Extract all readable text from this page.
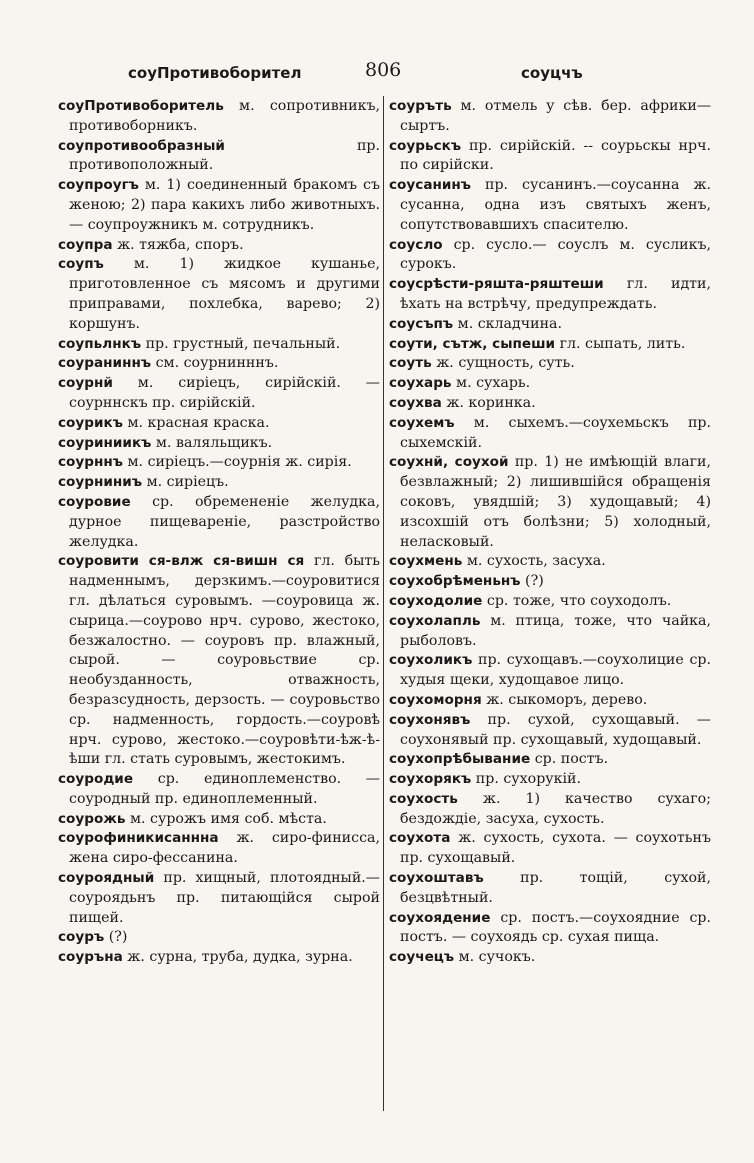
соуПротивоборител	806	соуцчъ

соуПротивоборитель м. сопротивникъ, противоборникъ.

соупротивообразный	пр. противоположный.

соупроугъ м. 1) соединенный бракомъ съ женою; 2) пара какихъ либо животныхъ. — соупроужникъ м. сотрудникъ.

соупра ж. тяжба, споръ.

соупъ м. 1) жидкое кушанье, приготовленное съ мясомъ и другими приправами, похлебка, варево; 2) коршунъ.

соупьлнкъ пр. грустный, печальный.

соураниннъ см. соурнинннъ.

соурнй м. сиріецъ, сирійскій. — соурннскъ пр. сирійскій.

соурикъ м. красная краска.

соуриниикъ м. валяльщикъ.

соурннъ м. сиріецъ.—соурнія ж. сирія.

соурниниъ м. сиріецъ.

соуровие ср. обремененіе желудка, дурное пищевареніе, разстройство желудка.

соуровити ся-влж ся-вишн ся гл. быть надменнымъ, дерзкимъ.—соуровитися гл. дѣлаться суровымъ. —соуровица ж. сырица.—соурово нрч. сурово, жестоко, безжалостно. — соуровъ пр. влажный, сырой. — соуровьствие ср. необузданность, отважность, безразсудность, дерзость. — соуровьство ср. надменность, гордость.—соуровѣ нрч. сурово, жестоко.—соуровѣти-ѣж-ѣ-ѣши гл. стать суровымъ, жестокимъ.

соуродие ср. единоплеменство. — соуродный пр. единоплеменный.

соурожь м. сурожъ имя соб. мѣста.

соурофиникисаннна ж. сиро-финисса, жена сиро-фессанина.

соуроядный пр. хищный, плотоядный.—соуроядьнъ пр. питающійся сырой пищей.

соуръ (?)

соуръна ж. сурна, труба, дудка, зурна.

соуръть м. отмель у сѣв. бер. африки—сыртъ.

соурьскъ пр. сирійскій. -- соурьскы нрч. по сирійски.

соусанинъ пр. сусанинъ.—соусанна ж. сусанна, одна изъ святыхъ женъ, сопутствовавшихъ спасителю.

соусло ср. сусло.— соуслъ м. сусликъ, сурокъ.

соусрѣсти-ряшта-ряштеши гл. идти, ѣхать на встрѣчу, предупреждать.

соусъпъ м. складчина.

соути, сътж, сыпеши гл. сыпать, лить.

соуть ж. сущность, суть.

соухарь м. сухарь.

соухва ж. коринка.

соухемъ м. сыхемъ.—соухемьскъ пр. сыхемскій.

соухнй, соухой пр. 1) не имѣющій влаги, безвлажный; 2) лишившійся обращенія соковъ, увядшій; 3) худощавый; 4) изсохшій отъ болѣзни; 5) холодный, неласковый.

соухмень м. сухость, засуха.

соухобрѣменьнъ (?)

соуходолие ср. тоже, что соуходолъ.

соухолапль м. птица, тоже, что чайка, рыболовъ.

соухоликъ пр. сухощавъ.—соухолицие ср. худыя щеки, худощавое лицо.

соухоморня ж. сыкоморъ, дерево.

соухонявъ пр. сухой, сухощавый. —соухонявый пр. сухощавый, худощавый.

соухопрѣбывание ср. постъ.

соухорякъ пр. сухорукій.

соухость ж. 1) качество сухаго; бездождіе, засуха, сухость.

соухота ж. сухость, сухота. — соухотьнъ пр. сухощавый.

соухоштавъ	пр. тощій, сухой, безцвѣтный.

соухоядение ср. постъ.—соухоядние ср. постъ. — соухоядь ср. сухая пища.

соучецъ м. сучокъ.
